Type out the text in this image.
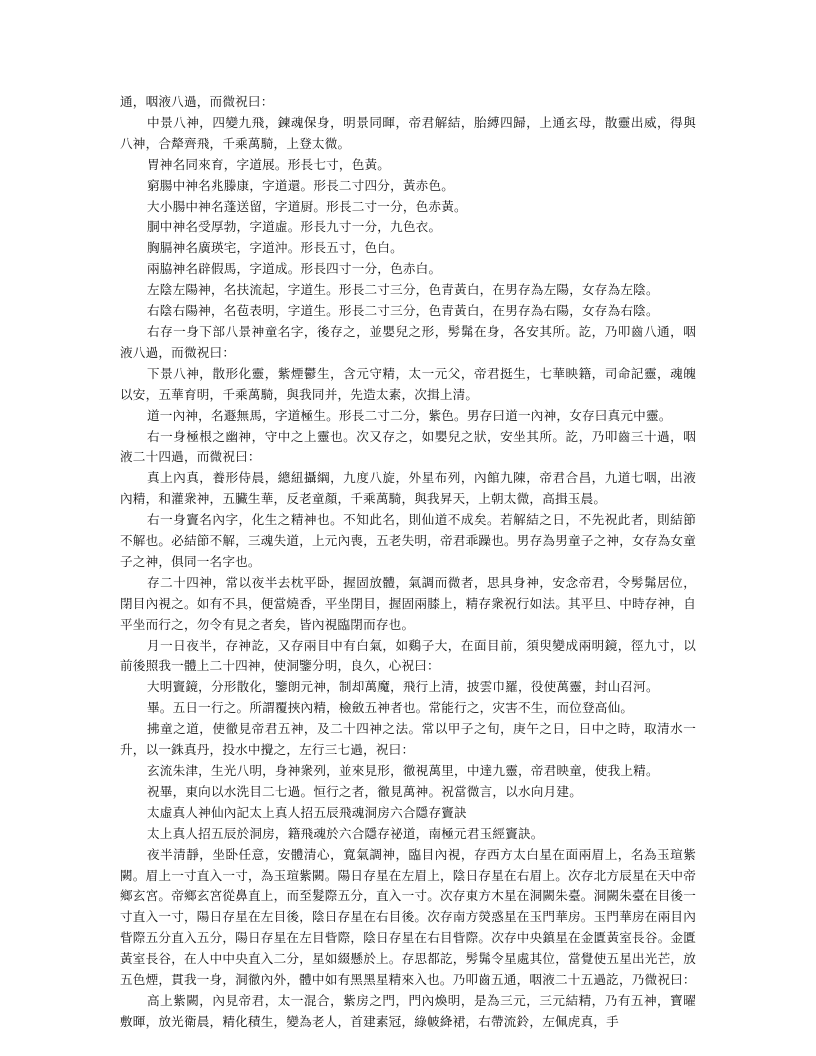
通，咽液八過，而微祝曰：

中景八神，四變九飛，鍊魂保身，明景同暉，帝君解結，胎縛四歸，上通玄母，散靈出威，得與八神，合犛齊飛，千乘萬騎，上登太微。

胃神名同來育，字道展。形長七寸，色黃。

窮腸中神名兆滕康，字道還。形長二寸四分，黃赤色。

大小腸中神名蓬送留，字道厨。形長二寸一分，色赤黃。

胴中神名受厚勃，字道虛。形長九寸一分，九色衣。

胸膈神名廣瑛宅，字道沖。形長五寸，色白。

兩脇神名辟假馬，字道成。形長四寸一分，色赤白。

左陰左陽神，名扶流起，字道生。形長二寸三分，色青黃白，在男存為左陽，女存為左陰。

右陰右陽神，名苞表明，字道生。形長二寸三分，色青黃白，在男存為右陽，女存為右陰。

右存一身下部八景神童名字，後存之，並嬰兒之形，髣髴在身，各安其所。訖，乃叩齒八通，咽液八過，而微祝曰：

下景八神，散形化靈，紫煙鬱生，含元守精，太一元父，帝君挺生，七華映籍，司命記靈，魂魄以安，五華育明，千乘萬騎，與我同并，先造太素，次揖上清。

道一內神，名遯無馬，字道極生。形長二寸二分，紫色。男存曰道一內神，女存曰真元中靈。

右一身極根之幽神，守中之上靈也。次又存之，如嬰兒之狀，安坐其所。訖，乃叩齒三十過，咽液二十四過，而微祝曰：

真上內真，養形侍晨，總紐攝綱，九度八旋，外星布列，內館九陳，帝君合昌，九道七咽，出液內精，和灌衆神，五臟生華，反老童顏，千乘萬騎，與我昇天，上朝太微，高揖玉晨。

右一身竇名內字，化生之精神也。不知此名，則仙道不成矣。若解結之日，不先祝此者，則結節不解也。必結節不解，三魂失道，上元內喪，五老失明，帝君乖躁也。男存為男童子之神，女存為女童子之神，俱同一名字也。

存二十四神，常以夜半去枕平卧，握固放體，氣調而微者，思具身神，安念帝君，令髣髴居位，閉目內視之。如有不具，便當燒香，平坐閉目，握固兩膝上，精存衆祝行如法。其平旦、中時存神，自平坐而行之，勿令有見之者矣，皆內視臨閉而存也。

月一日夜半，存神訖，又存兩目中有白氣，如鷄子大，在面目前，須臾變成兩明鏡，徑九寸，以前後照我一體上二十四神，使洞鑒分明，良久，心祝曰：

大明竇鏡，分形散化，鑒朗元神，制却萬魔，飛行上清，披雲巾羅，役使萬靈，封山召河。

畢。五日一行之。所謂覆挾內精，檢斂五神者也。常能行之，灾害不生，而位登高仙。

拂童之道，使徹見帝君五神，及二十四神之法。常以甲子之旬，庚午之日，日中之時，取清水一升，以一銖真丹，投水中攪之，左行三七過，祝曰：

玄流朱津，生光八明，身神衆列，並來見形，徹視萬里，中達九靈，帝君映童，使我上精。

祝畢，東向以水洗目二七過。恒行之者，徹見萬神。祝當微言，以水向月建。

太虛真人神仙內記太上真人招五辰飛魂洞房六合隱存竇訣

太上真人招五辰於洞房，籍飛魂於六合隱存祕道，南極元君玉經竇訣。

夜半清靜，坐卧任意，安體清心，寬氣調神，臨目內視，存西方太白星在面兩眉上，名為玉瑄紫闕。眉上一寸直入一寸，為玉瑄紫闕。陽日存星在左眉上，陰日存星在右眉上。次存北方辰星在天中帝鄉玄宮。帝鄉玄宮從鼻直上，而至髮際五分，直入一寸。次存東方木星在洞闕朱臺。洞闕朱臺在目後一寸直入一寸，陽日存星在左目後，陰日存星在右目後。次存南方熒惑星在玉門華房。玉門華房在兩目內眥際五分直入五分，陽日存星在左目眥際，陰日存星在右目眥際。次存中央鎮星在金匱黃室長谷。金匱黃室長谷，在人中中央直入二分，星如綴懸於上。存思都訖，髣髴令星處其位，當覺使五星出光芒，放五色煙，貫我一身，洞徹內外，體中如有黑黑星精來入也。乃叩齒五通，咽液二十五過訖，乃微祝曰：

高上紫闕，內見帝君，太一混合，紫房之門，門內煥明，是為三元，三元結精，乃有五神，寶曜敷暉，放光衛晨，精化積生，變為老人，首建素冠，綠帔絳裙，右帶流鈴，左佩虎真，手
